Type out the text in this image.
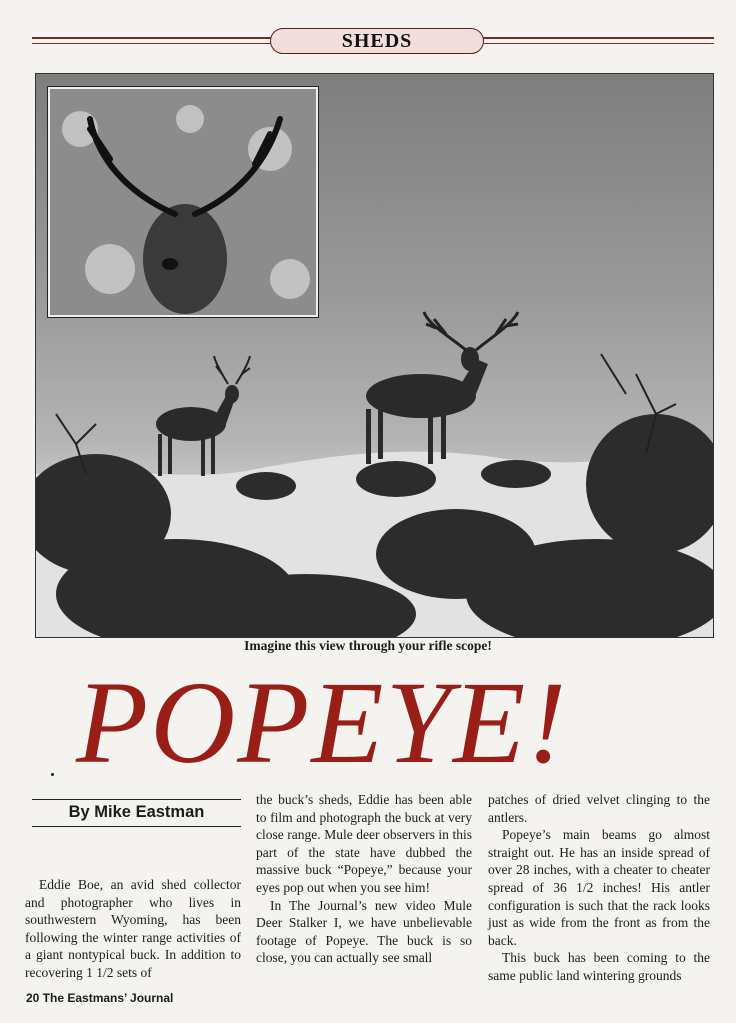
SHEDS
Imagine this view through your rifle scope!
POPEYE!
By Mike Eastman

Eddie Boe, an avid shed collector and photographer who lives in southwestern Wyoming, has been following the winter range activities of a giant nontypical buck. In addition to recovering 1 1/2 sets of

the buck’s sheds, Eddie has been able to film and photograph the buck at very close range. Mule deer observers in this part of the state have dubbed the massive buck “Popeye,” because your eyes pop out when you see him!

In The Journal’s new video Mule Deer Stalker I, we have unbelievable footage of Popeye. The buck is so close, you can actually see small

patches of dried velvet clinging to the antlers.

Popeye’s main beams go almost straight out. He has an inside spread of over 28 inches, with a cheater to cheater spread of 36 1/2 inches! His antler configuration is such that the rack looks just as wide from the front as from the back.

This buck has been coming to the same public land wintering grounds

20 The Eastmans’ Journal
